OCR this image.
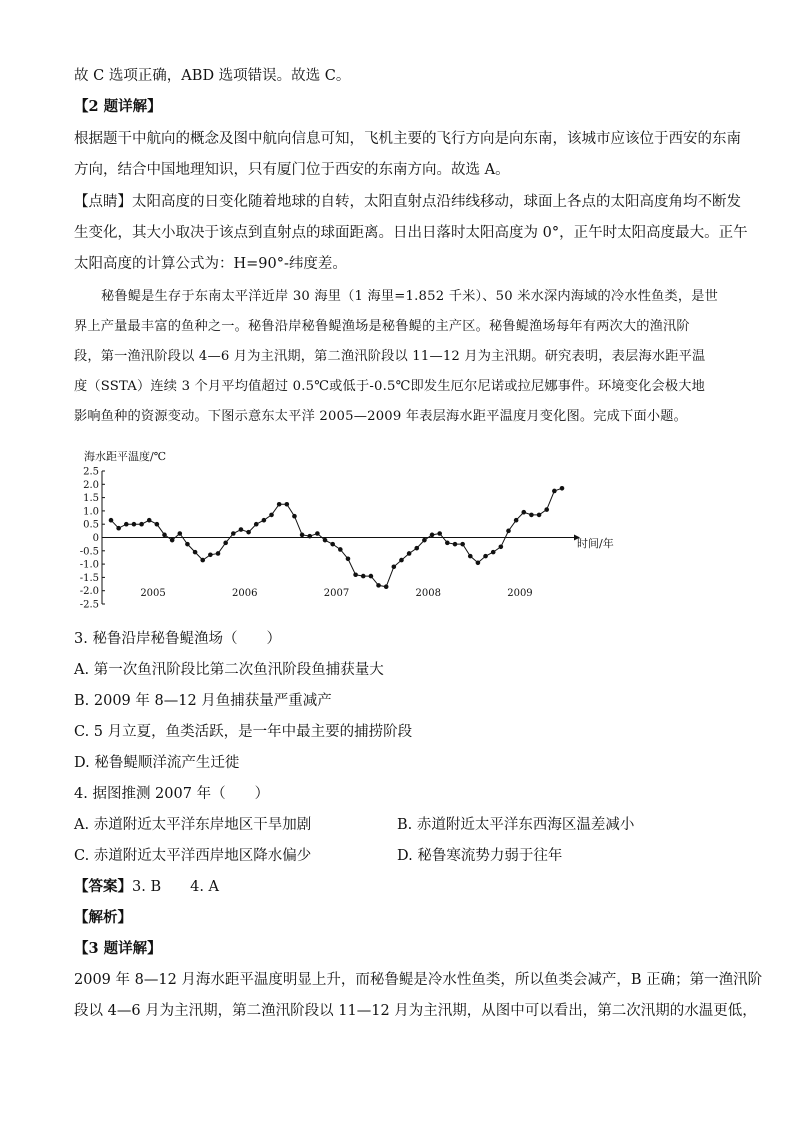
故 C 选项正确，ABD 选项错误。故选 C。
【2 题详解】
根据题干中航向的概念及图中航向信息可知，飞机主要的飞行方向是向东南，该城市应该位于西安的东南
方向，结合中国地理知识，只有厦门位于西安的东南方向。故选 A。
【点睛】太阳高度的日变化随着地球的自转，太阳直射点沿纬线移动，球面上各点的太阳高度角均不断发
生变化，其大小取决于该点到直射点的球面距离。日出日落时太阳高度为 0°，正午时太阳高度最大。正午
太阳高度的计算公式为：H=90°-纬度差。
秘鲁鳀是生存于东南太平洋近岸 30 海里（1 海里=1.852 千米）、50 米水深内海域的冷水性鱼类，是世
界上产量最丰富的鱼种之一。秘鲁沿岸秘鲁鳀渔场是秘鲁鳀的主产区。秘鲁鳀渔场每年有两次大的渔汛阶
段，第一渔汛阶段以 4—6 月为主汛期，第二渔汛阶段以 11—12 月为主汛期。研究表明，表层海水距平温
度（SSTA）连续 3 个月平均值超过 0.5℃或低于-0.5℃即发生厄尔尼诺或拉尼娜事件。环境变化会极大地
影响鱼种的资源变动。下图示意东太平洋 2005—2009 年表层海水距平温度月变化图。完成下面小题。
海水距平温度/℃
时间/年
2.5
2.0
1.5
1.0
0.5
0
-0.5
-1.0
-1.5
-2.0
-2.5
2005	2006	2007	2008	2009
3. 秘鲁沿岸秘鲁鳀渔场（　　）
A. 第一次鱼汛阶段比第二次鱼汛阶段鱼捕获量大
B. 2009 年 8—12 月鱼捕获量严重减产
C. 5 月立夏，鱼类活跃，是一年中最主要的捕捞阶段
D. 秘鲁鳀顺洋流产生迁徙
4. 据图推测 2007 年（　　）
A. 赤道附近太平洋东岸地区干旱加剧	B. 赤道附近太平洋东西海区温差减小
C. 赤道附近太平洋西岸地区降水偏少	D. 秘鲁寒流势力弱于往年
【答案】3. B　　4. A
【解析】
【3 题详解】
2009 年 8—12 月海水距平温度明显上升，而秘鲁鳀是冷水性鱼类，所以鱼类会减产，B 正确；第一渔汛阶
段以 4—6 月为主汛期，第二渔汛阶段以 11—12 月为主汛期，从图中可以看出，第二次汛期的水温更低，
